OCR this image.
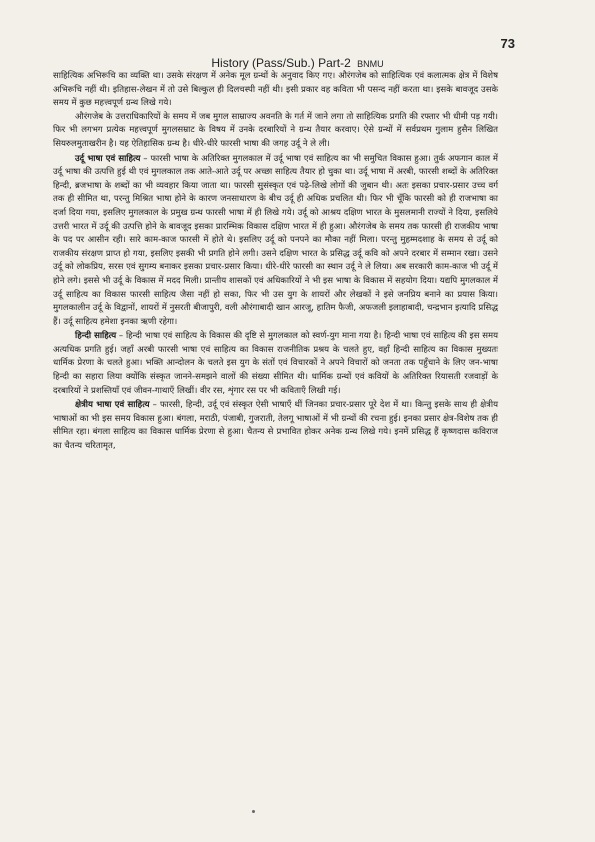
73
History (Pass/Sub.) Part-2 BNMU

साहित्यिक अभिरूचि का व्यक्ति था। उसके संरक्षण में अनेक मूल ग्रन्थों के अनुवाद किए गए। औरंगजेब को साहित्यिक एवं कलात्मक क्षेत्र में विशेष अभिरूचि नहीं थी। इतिहास-लेखन में तो उसे बिल्कुल ही दिलचस्पी नहीं थी। इसी प्रकार वह कविता भी पसन्द नहीं करता था। इसके बावजूद उसके समय में कुछ महत्त्वपूर्ण ग्रन्थ लिखे गये।

औरंगजेब के उत्तराधिकारियों के समय में जब मुगल साम्राज्य अवनति के गर्त में जाने लगा तो साहित्यिक प्रगति की रफ्तार भी धीमी पड़ गयी। फिर भी लगभग प्रत्येक महत्त्वपूर्ण मुगलसम्राट के विषय में उनके दरबारियों ने ग्रन्थ तैयार करवाए। ऐसे ग्रन्थों में सर्वप्रथम गुलाम हुसैन लिखित सियरुलमुताखरीन है। यह ऐतिहासिक ग्रन्थ है। धीरे-धीरे फारसी भाषा की जगह उर्दू ने ले ली।

उर्दू भाषा एवं साहित्य – फारसी भाषा के अतिरिक्त मुगलकाल में उर्दू भाषा एवं साहित्य का भी समुचित विकास हुआ। तुर्क अफगान काल में उर्दू भाषा की उत्पत्ति हुई थी एवं मुगलकाल तक आते-आते उर्दू पर अच्छा साहित्य तैयार हो चुका था। उर्दू भाषा में अरबी, फारसी शब्दों के अतिरिक्त हिन्दी, ब्रजभाषा के शब्दों का भी व्यवहार किया जाता था। फारसी सुसंस्कृत एवं पढ़े-लिखे लोगों की जुबान थी। अतः इसका प्रचार-प्रसार उच्च वर्ग तक ही सीमित था, परन्तु मिश्रित भाषा होने के कारण जनसाधारण के बीच उर्दू ही अधिक प्रचलित थी। फिर भी चूँकि फारसी को ही राजभाषा का दर्जा दिया गया, इसलिए मुगलकाल के प्रमुख ग्रन्थ फारसी भाषा में ही लिखे गये। उर्दू को आश्रय दक्षिण भारत के मुसलमानी राज्यों ने दिया, इसलिये उत्तरी भारत में उर्दू की उत्पत्ति होने के बावजूद इसका प्रारम्भिक विकास दक्षिण भारत में ही हुआ। औरंगजेब के समय तक फारसी ही राजकीय भाषा के पद पर आसीन रही। सारे काम-काज फारसी में होते थे। इसलिए उर्दू को पनपने का मौका नहीं मिला। परन्तु मुहम्मदशाह के समय से उर्दू को राजकीय संरक्षण प्राप्त हो गया, इसलिए इसकी भी प्रगति होने लगी। उसने दक्षिण भारत के प्रसिद्ध उर्दू कवि को अपने दरबार में सम्मान रखा। उसने उर्दू को लोकप्रिय, सरस एवं सुगम्य बनाकर इसका प्रचार-प्रसार किया। धीरे-धीरे फारसी का स्थान उर्दू ने ले लिया। अब सरकारी काम-काज भी उर्दू में होने लगे। इससे भी उर्दू के विकास में मदद मिली। प्रान्तीय शासकों एवं अधिकारियों ने भी इस भाषा के विकास में सहयोग दिया। यद्यपि मुगलकाल में उर्दू साहित्य का विकास फारसी साहित्य जैसा नहीं हो सका, फिर भी उस युग के शायरों और लेखकों ने इसे जनप्रिय बनाने का प्रयास किया। मुगलकालीन उर्दू के विद्वानों, शायरों में नुसरती बीजापुरी, वली औरंगाबादी खान आरजू, हातिम फैजी, अफजली इलाहाबादी, चन्द्रभान इत्यादि प्रसिद्ध हैं। उर्दू साहित्य हमेशा इनका ऋणी रहेगा।

हिन्दी साहित्य – हिन्दी भाषा एवं साहित्य के विकास की दृष्टि से मुगलकाल को स्वर्ण-युग माना गया है। हिन्दी भाषा एवं साहित्य की इस समय अत्यधिक प्रगति हुई। जहाँ अरबी फारसी भाषा एवं साहित्य का विकास राजनीतिक प्रश्रय के चलते हुए, वहाँ हिन्दी साहित्य का विकास मुख्यतः धार्मिक प्रेरणा के चलते हुआ। भक्ति आन्दोलन के चलते इस युग के संतों एवं विचारकों ने अपने विचारों को जनता तक पहुँचाने के लिए जन-भाषा हिन्दी का सहारा लिया क्योंकि संस्कृत जानने-समझने वालों की संख्या सीमित थी। धार्मिक ग्रन्थों एवं कवियों के अतिरिक्त रियासती रजवाड़ों के दरबारियों ने प्रशस्तियाँ एवं जीवन-गाथाएँ लिखीं। वीर रस, शृंगार रस पर भी कविताएँ लिखी गई।

क्षेत्रीय भाषा एवं साहित्य – फारसी, हिन्दी, उर्दू एवं संस्कृत ऐसी भाषाएँ थीं जिनका प्रचार-प्रसार पूरे देश में था। किन्तु इसके साथ ही क्षेत्रीय भाषाओं का भी इस समय विकास हुआ। बंगला, मराठी, पंजाबी, गुजराती, तेलगू भाषाओं में भी ग्रन्थों की रचना हुई। इनका प्रसार क्षेत्र-विशेष तक ही सीमित रहा। बंगला साहित्य का विकास धार्मिक प्रेरणा से हुआ। चैतन्य से प्रभावित होकर अनेक ग्रन्थ लिखे गये। इनमें प्रसिद्ध हैं कृष्णदास कविराज का चैतन्य चरितामृत,
